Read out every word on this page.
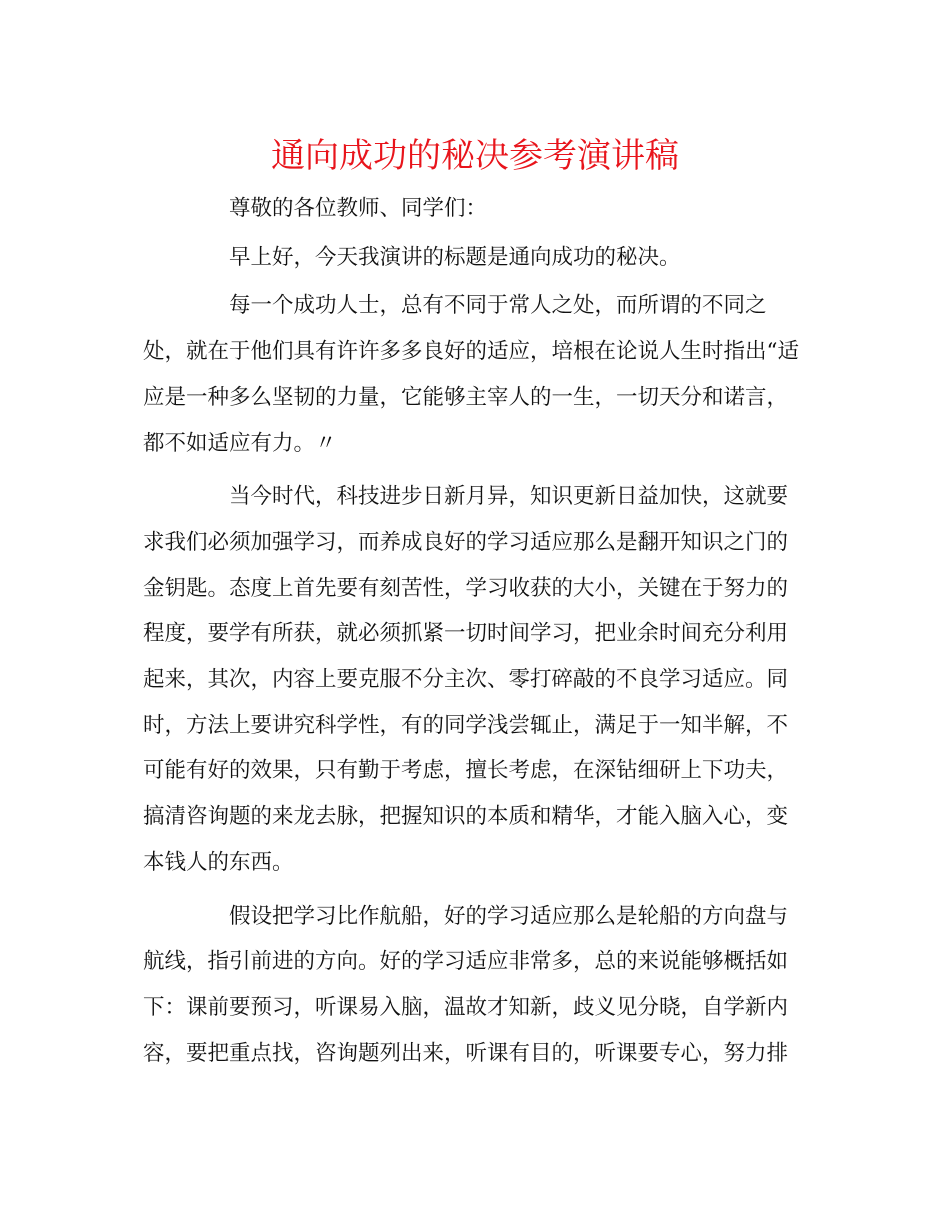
通向成功的秘决参考演讲稿

尊敬的各位教师、同学们：

早上好，今天我演讲的标题是通向成功的秘决。

每一个成功人士，总有不同于常人之处，而所谓的不同之处，就在于他们具有许许多多良好的适应，培根在论说人生时指出“适应是一种多么坚韧的力量，它能够主宰人的一生，一切天分和诺言，都不如适应有力。〃

当今时代，科技进步日新月异，知识更新日益加快，这就要求我们必须加强学习，而养成良好的学习适应那么是翻开知识之门的金钥匙。态度上首先要有刻苦性，学习收获的大小，关键在于努力的程度，要学有所获，就必须抓紧一切时间学习，把业余时间充分利用起来，其次，内容上要克服不分主次、零打碎敲的不良学习适应。同时，方法上要讲究科学性，有的同学浅尝辄止，满足于一知半解，不可能有好的效果，只有勤于考虑，擅长考虑，在深钻细研上下功夫，搞清咨询题的来龙去脉，把握知识的本质和精华，才能入脑入心，变本钱人的东西。

假设把学习比作航船，好的学习适应那么是轮船的方向盘与航线，指引前进的方向。好的学习适应非常多，总的来说能够概括如下：课前要预习，听课易入脑，温故才知新，歧义见分晓，自学新内容，要把重点找，咨询题列出来，听课有目的，听课要专心，努力排
